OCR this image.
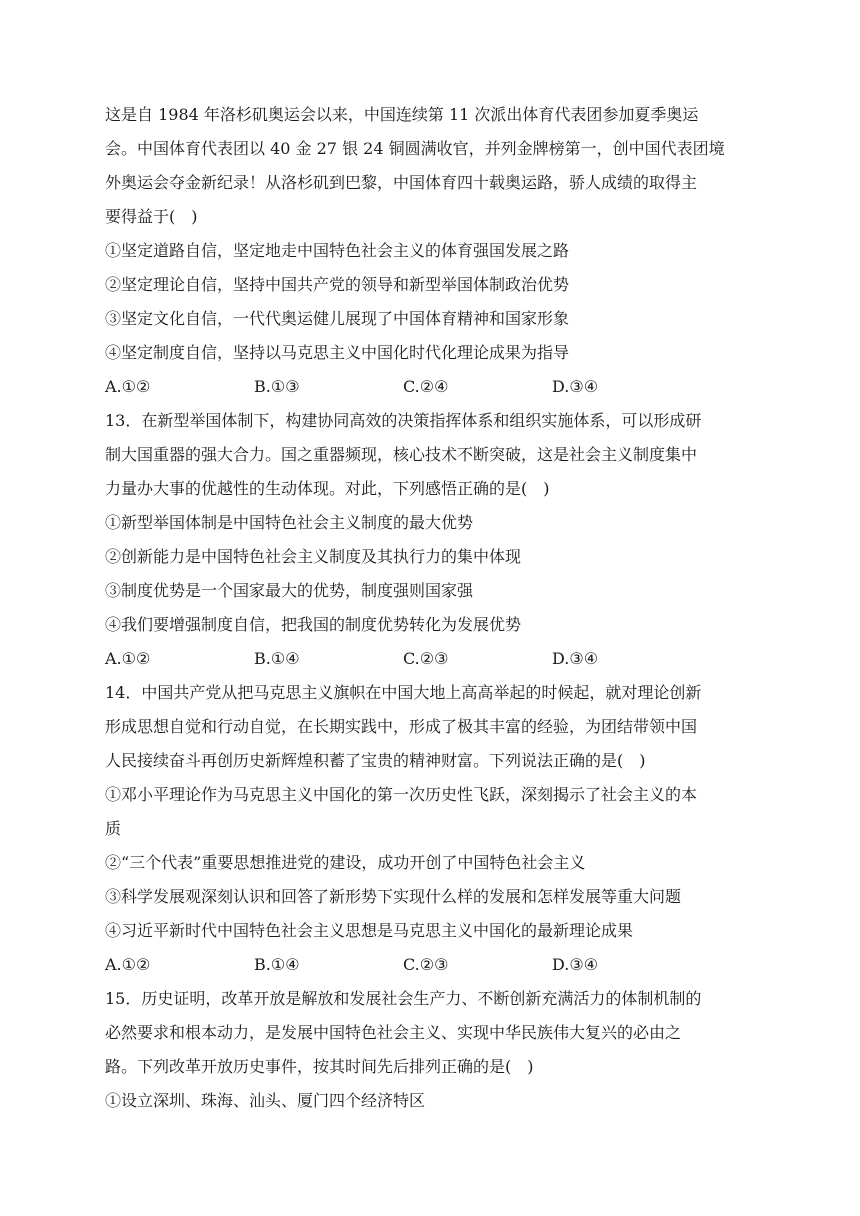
这是自 1984 年洛杉矶奥运会以来，中国连续第 11 次派出体育代表团参加夏季奥运
会。中国体育代表团以 40 金 27 银 24 铜圆满收官，并列金牌榜第一，创中国代表团境
外奥运会夺金新纪录！从洛杉矶到巴黎，中国体育四十载奥运路，骄人成绩的取得主
要得益于(　)
①坚定道路自信，坚定地走中国特色社会主义的体育强国发展之路
②坚定理论自信，坚持中国共产党的领导和新型举国体制政治优势
③坚定文化自信，一代代奥运健儿展现了中国体育精神和国家形象
④坚定制度自信，坚持以马克思主义中国化时代化理论成果为指导
A.①②	B.①③	C.②④	D.③④
13．在新型举国体制下，构建协同高效的决策指挥体系和组织实施体系，可以形成研
制大国重器的强大合力。国之重器频现，核心技术不断突破，这是社会主义制度集中
力量办大事的优越性的生动体现。对此，下列感悟正确的是(　)
①新型举国体制是中国特色社会主义制度的最大优势
②创新能力是中国特色社会主义制度及其执行力的集中体现
③制度优势是一个国家最大的优势，制度强则国家强
④我们要增强制度自信，把我国的制度优势转化为发展优势
A.①②	B.①④	C.②③	D.③④
14．中国共产党从把马克思主义旗帜在中国大地上高高举起的时候起，就对理论创新
形成思想自觉和行动自觉，在长期实践中，形成了极其丰富的经验，为团结带领中国
人民接续奋斗再创历史新辉煌积蓄了宝贵的精神财富。下列说法正确的是(　)
①邓小平理论作为马克思主义中国化的第一次历史性飞跃，深刻揭示了社会主义的本
质
②“三个代表”重要思想推进党的建设，成功开创了中国特色社会主义
③科学发展观深刻认识和回答了新形势下实现什么样的发展和怎样发展等重大问题
④习近平新时代中国特色社会主义思想是马克思主义中国化的最新理论成果
A.①②	B.①④	C.②③	D.③④
15．历史证明，改革开放是解放和发展社会生产力、不断创新充满活力的体制机制的
必然要求和根本动力，是发展中国特色社会主义、实现中华民族伟大复兴的必由之
路。下列改革开放历史事件，按其时间先后排列正确的是(　)
①设立深圳、珠海、汕头、厦门四个经济特区
